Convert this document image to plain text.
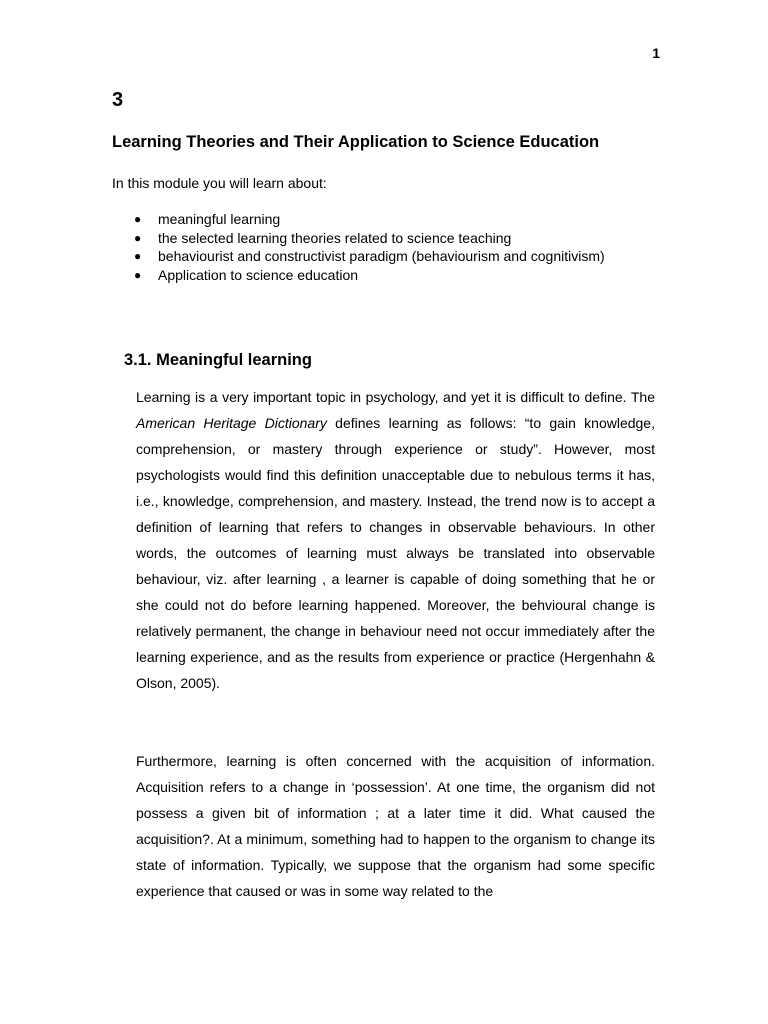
1
3
Learning Theories and Their Application to Science Education

In this module you will learn about:

● meaningful learning
● the selected learning theories related to science teaching
● behaviourist and constructivist paradigm (behaviourism and cognitivism)
● Application to science education
3.1. Meaningful learning

Learning is a very important topic in psychology, and yet it is difficult to define. The American Heritage Dictionary defines learning as follows: “to gain knowledge, comprehension, or mastery through experience or study”. However, most psychologists would find this definition unacceptable due to nebulous terms it has, i.e., knowledge, comprehension, and mastery. Instead, the trend now is to accept a definition of learning that refers to changes in observable behaviours. In other words, the outcomes of learning must always be translated into observable behaviour, viz. after learning , a learner is capable of doing something that he or she could not do before learning happened. Moreover, the behvioural change is relatively permanent, the change in behaviour need not occur immediately after the learning experience, and as the results from experience or practice (Hergenhahn & Olson, 2005).

Furthermore, learning is often concerned with the acquisition of information. Acquisition refers to a change in ‘possession’. At one time, the organism did not possess a given bit of information ; at a later time it did. What caused the acquisition?. At a minimum, something had to happen to the organism to change its state of information. Typically, we suppose that the organism had some specific experience that caused or was in some way related to the
